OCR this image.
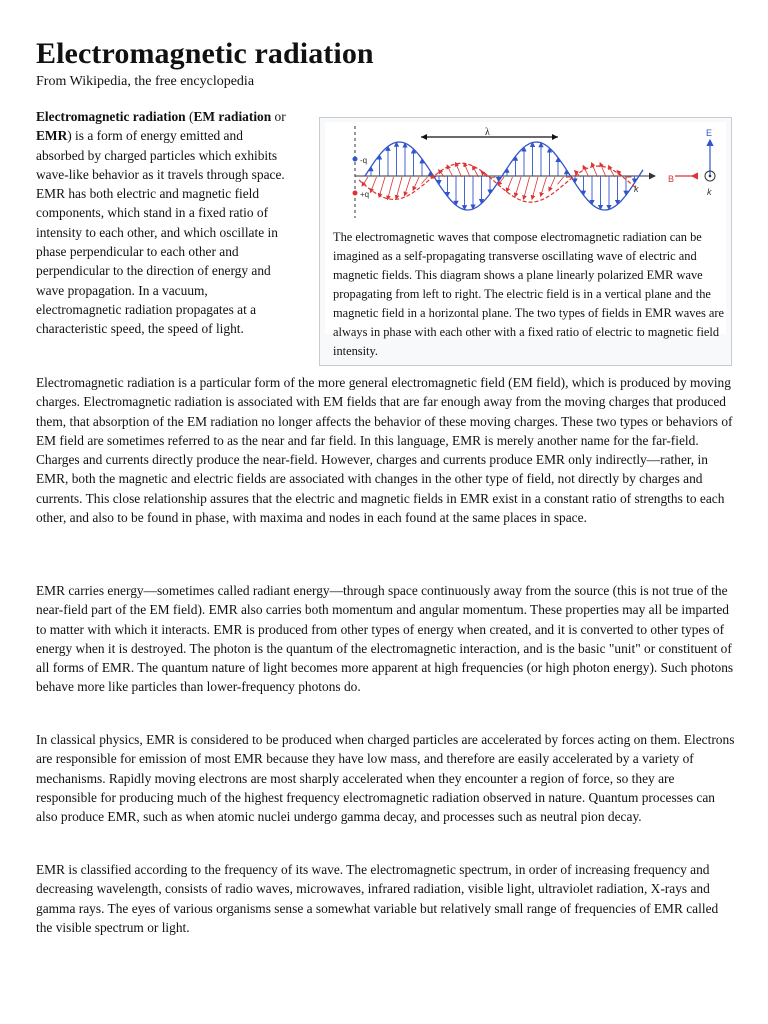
Electromagnetic radiation
From Wikipedia, the free encyclopedia

Electromagnetic radiation (EM radiation or EMR) is a form of energy emitted and absorbed by charged particles which exhibits wave-like behavior as it travels through space. EMR has both electric and magnetic field components, which stand in a fixed ratio of intensity to each other, and which oscillate in phase perpendicular to each other and perpendicular to the direction of energy and wave propagation. In a vacuum, electromagnetic radiation propagates at a characteristic speed, the speed of light.

-q
+q
λ
k
E
B
k
The electromagnetic waves that compose electromagnetic radiation can be imagined as a self-propagating transverse oscillating wave of electric and magnetic fields. This diagram shows a plane linearly polarized EMR wave propagating from left to right. The electric field is in a vertical plane and the magnetic field in a horizontal plane. The two types of fields in EMR waves are always in phase with each other with a fixed ratio of electric to magnetic field intensity.

Electromagnetic radiation is a particular form of the more general electromagnetic field (EM field), which is produced by moving charges. Electromagnetic radiation is associated with EM fields that are far enough away from the moving charges that produced them, that absorption of the EM radiation no longer affects the behavior of these moving charges. These two types or behaviors of EM field are sometimes referred to as the near and far field. In this language, EMR is merely another name for the far-field. Charges and currents directly produce the near-field. However, charges and currents produce EMR only indirectly—rather, in EMR, both the magnetic and electric fields are associated with changes in the other type of field, not directly by charges and currents. This close relationship assures that the electric and magnetic fields in EMR exist in a constant ratio of strengths to each other, and also to be found in phase, with maxima and nodes in each found at the same places in space.

EMR carries energy—sometimes called radiant energy—through space continuously away from the source (this is not true of the near-field part of the EM field). EMR also carries both momentum and angular momentum. These properties may all be imparted to matter with which it interacts. EMR is produced from other types of energy when created, and it is converted to other types of energy when it is destroyed. The photon is the quantum of the electromagnetic interaction, and is the basic "unit" or constituent of all forms of EMR. The quantum nature of light becomes more apparent at high frequencies (or high photon energy). Such photons behave more like particles than lower-frequency photons do.

In classical physics, EMR is considered to be produced when charged particles are accelerated by forces acting on them. Electrons are responsible for emission of most EMR because they have low mass, and therefore are easily accelerated by a variety of mechanisms. Rapidly moving electrons are most sharply accelerated when they encounter a region of force, so they are responsible for producing much of the highest frequency electromagnetic radiation observed in nature. Quantum processes can also produce EMR, such as when atomic nuclei undergo gamma decay, and processes such as neutral pion decay.

EMR is classified according to the frequency of its wave. The electromagnetic spectrum, in order of increasing frequency and decreasing wavelength, consists of radio waves, microwaves, infrared radiation, visible light, ultraviolet radiation, X-rays and gamma rays. The eyes of various organisms sense a somewhat variable but relatively small range of frequencies of EMR called the visible spectrum or light.
